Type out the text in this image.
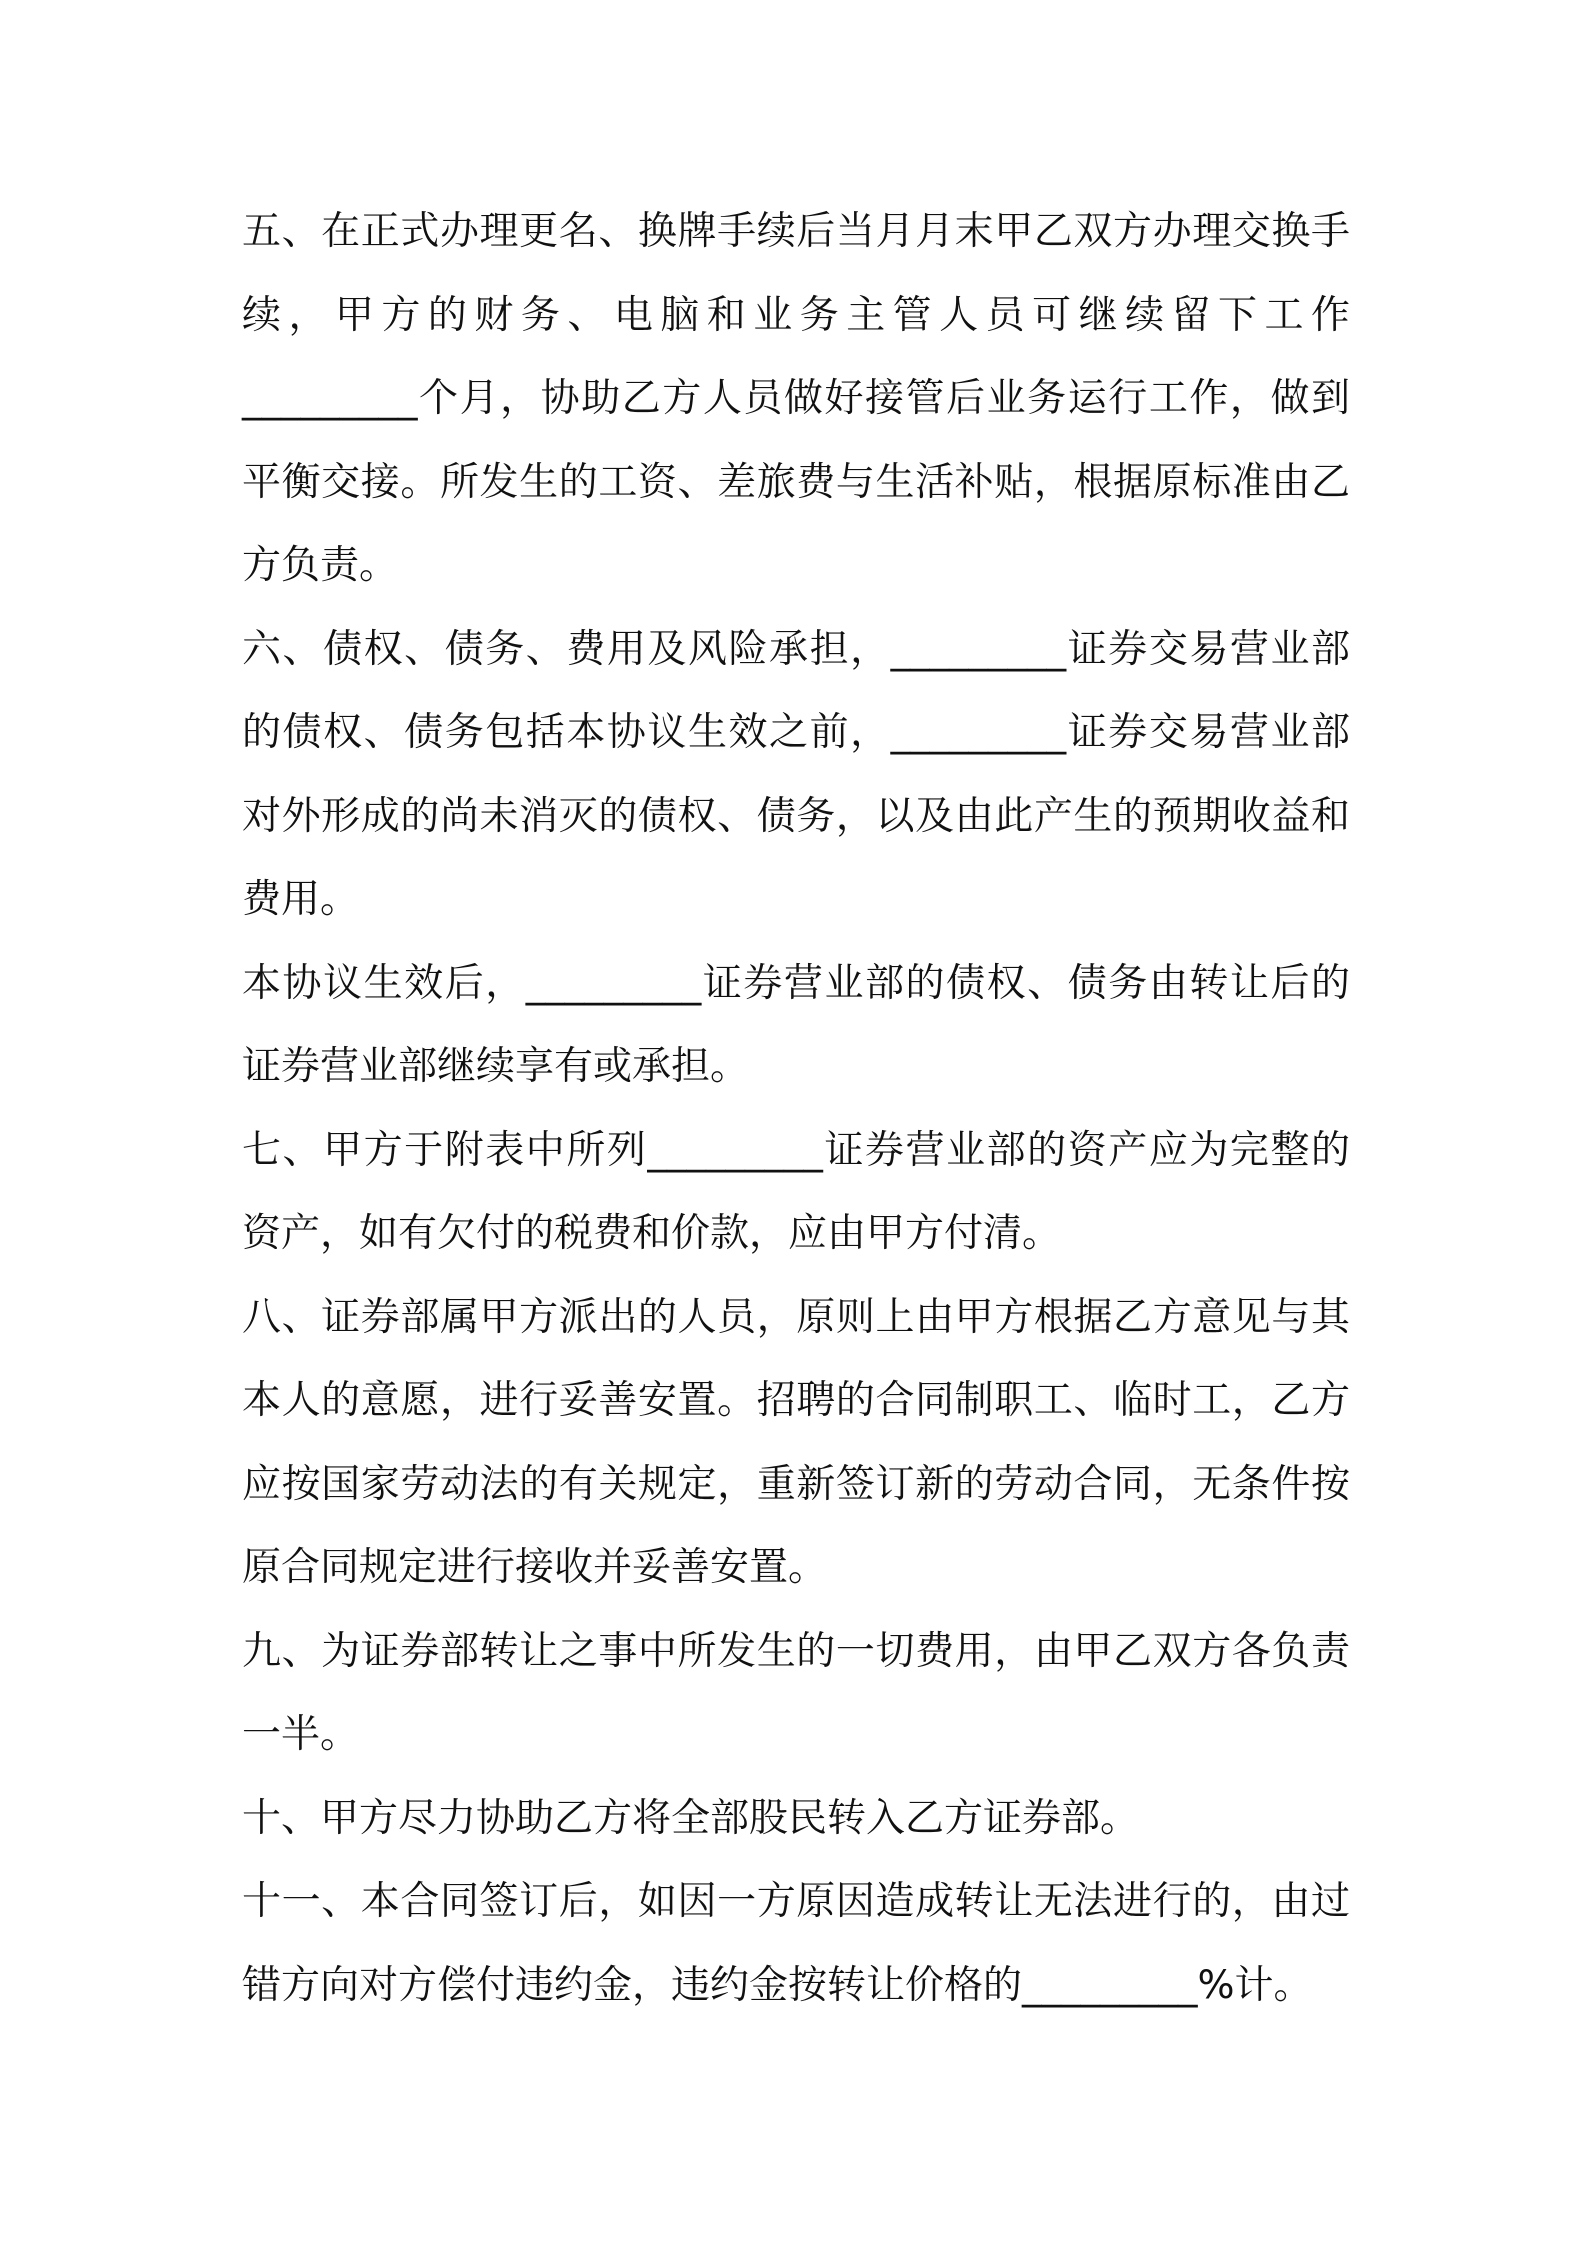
五、在正式办理更名、换牌手续后当月月末甲乙双方办理交换手续，甲方的财务、电脑和业务主管人员可继续留下工作_________个月，协助乙方人员做好接管后业务运行工作，做到平衡交接。所发生的工资、差旅费与生活补贴，根据原标准由乙方负责。

六、债权、债务、费用及风险承担，_________证券交易营业部的债权、债务包括本协议生效之前，_________证券交易营业部对外形成的尚未消灭的债权、债务，以及由此产生的预期收益和费用。

本协议生效后，_________证券营业部的债权、债务由转让后的证券营业部继续享有或承担。

七、甲方于附表中所列_________证券营业部的资产应为完整的资产，如有欠付的税费和价款，应由甲方付清。

八、证券部属甲方派出的人员，原则上由甲方根据乙方意见与其本人的意愿，进行妥善安置。招聘的合同制职工、临时工，乙方应按国家劳动法的有关规定，重新签订新的劳动合同，无条件按原合同规定进行接收并妥善安置。

九、为证券部转让之事中所发生的一切费用，由甲乙双方各负责一半。

十、甲方尽力协助乙方将全部股民转入乙方证券部。

十一、本合同签订后，如因一方原因造成转让无法进行的，由过错方向对方偿付违约金，违约金按转让价格的_________%计。
